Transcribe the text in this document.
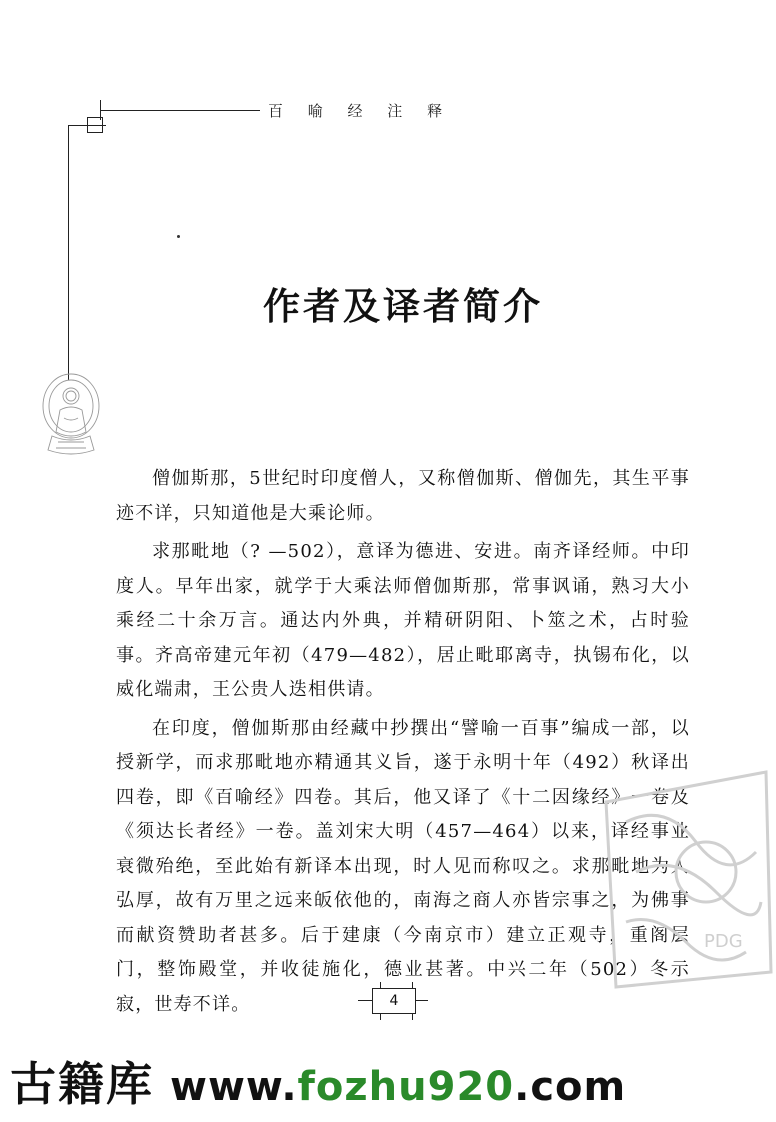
百 喻 经 注 释
作者及译者简介

僧伽斯那，5世纪时印度僧人，又称僧伽斯、僧伽先，其生平事迹不详，只知道他是大乘论师。

求那毗地（? —502），意译为德进、安进。南齐译经师。中印度人。早年出家，就学于大乘法师僧伽斯那，常事讽诵，熟习大小乘经二十余万言。通达内外典，并精研阴阳、卜筮之术，占时验事。齐高帝建元年初（479—482），居止毗耶离寺，执锡布化，以威化端肃，王公贵人迭相供请。

在印度，僧伽斯那由经藏中抄撰出“譬喻一百事”编成一部，以授新学，而求那毗地亦精通其义旨，遂于永明十年（492）秋译出四卷，即《百喻经》四卷。其后，他又译了《十二因缘经》一卷及《须达长者经》一卷。盖刘宋大明（457—464）以来，译经事业衰微殆绝，至此始有新译本出现，时人见而称叹之。求那毗地为人弘厚，故有万里之远来皈依他的，南海之商人亦皆宗事之，为佛事而献资赞助者甚多。后于建康（今南京市）建立正观寺，重阁层门，整饰殿堂，并收徒施化，德业甚著。中兴二年（502）冬示寂，世寿不详。

PDG
4
古籍库 www.fozhu920.com
